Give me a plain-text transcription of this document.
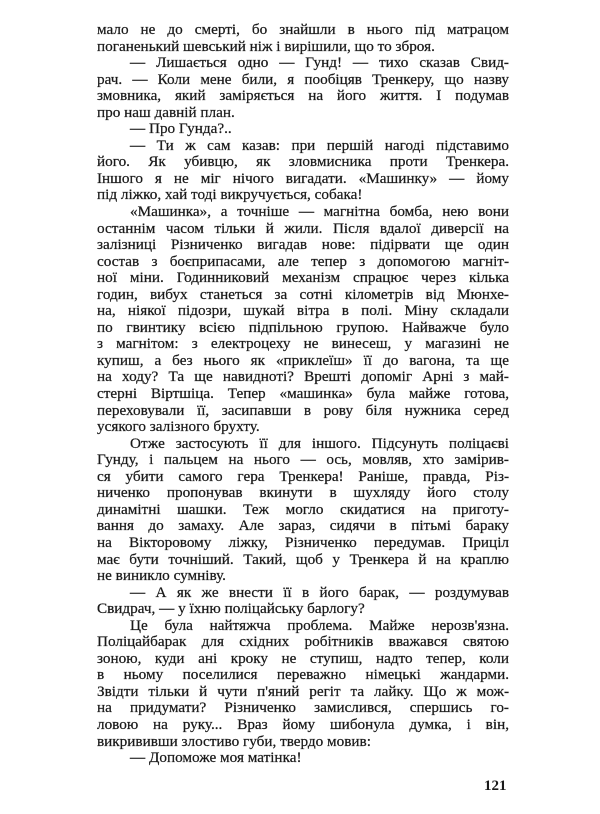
мало не до смерті, бо знайшли в нього під матрацом
поганенький шевський ніж і вирішили, що то зброя.
— Лишається одно — Гунд! — тихо сказав Свид-
рач. — Коли мене били, я пообіцяв Тренкеру, що назву
змовника, який заміряється на його життя. І подумав
про наш давній план.
— Про Гунда?..
— Ти ж сам казав: при першій нагоді підставимо
його. Як убивцю, як зловмисника проти Тренкера.
Іншого я не міг нічого вигадати. «Машинку» — йому
під ліжко, хай тоді викручується, собака!
«Машинка», а точніше — магнітна бомба, нею вони
останнім часом тільки й жили. Після вдалої диверсії на
залізниці Різниченко вигадав нове: підірвати ще один
состав з боєприпасами, але тепер з допомогою магніт-
ної міни. Годинниковий механізм спрацює через кілька
годин, вибух станеться за сотні кілометрів від Мюнхе-
на, ніякої підозри, шукай вітра в полі. Міну складали
по гвинтику всією підпільною групою. Найважче було
з магнітом: з електроцеху не винесеш, у магазині не
купиш, а без нього як «приклеїш» її до вагона, та ще
на ходу? Та ще навидноті? Врешті допоміг Арні з май-
стерні Віртшіца. Тепер «машинка» була майже готова,
переховували її, засипавши в рову біля нужника серед
усякого залізного брухту.
Отже застосують її для іншого. Підсунуть поліцаєві
Гунду, і пальцем на нього — ось, мовляв, хто замірив-
ся убити самого гера Тренкера! Раніше, правда, Різ-
ниченко пропонував вкинути в шухляду його столу
динамітні шашки. Теж могло скидатися на приготу-
вання до замаху. Але зараз, сидячи в пітьмі бараку
на Вікторовому ліжку, Різниченко передумав. Приціл
має бути точніший. Такий, щоб у Тренкера й на краплю
не виникло сумніву.
— А як же внести її в його барак, — роздумував
Свидрач, — у їхню поліцайську барлогу?
Це була найтяжча проблема. Майже нерозв'язна.
Поліцайбарак для східних робітників вважався святою
зоною, куди ані кроку не ступиш, надто тепер, коли
в ньому поселилися переважно німецькі жандарми.
Звідти тільки й чути п'яний регіт та лайку. Що ж мож-
на придумати? Різниченко замислився, спершись го-
ловою на руку... Враз йому шибонула думка, і він,
викрививши злостиво губи, твердо мовив:
— Допоможе моя матінка!
121
